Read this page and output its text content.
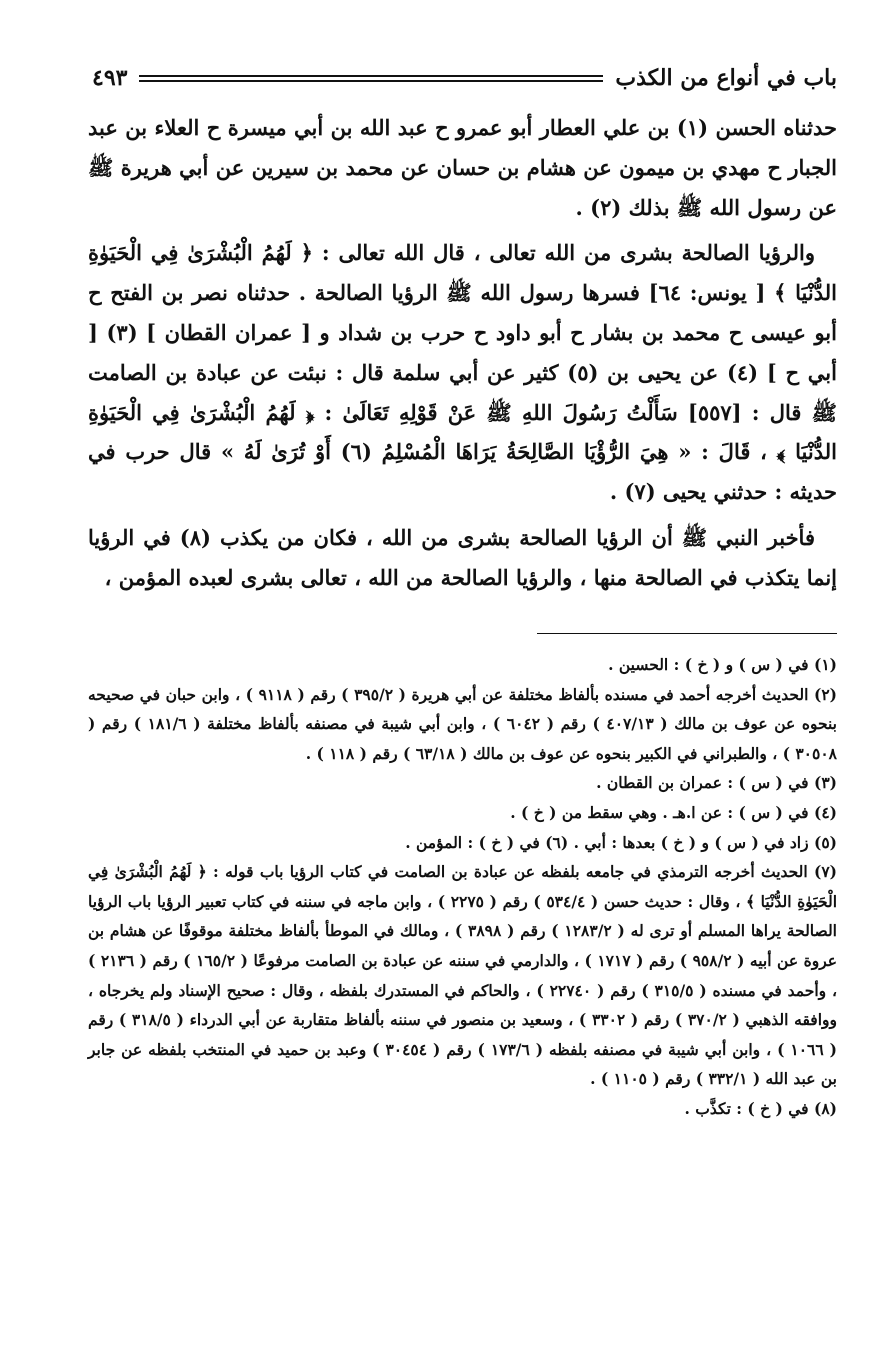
باب في أنواع من الكذب
٤٩٣

حدثناه الحسن (١) بن علي العطار أبو عمرو ح عبد الله بن أبي ميسرة ح العلاء بن عبد الجبار ح مهدي بن ميمون عن هشام بن حسان عن محمد بن سيرين عن أبي هريرة ﷺ عن رسول الله ﷺ بذلك (٢) .

والرؤيا الصالحة بشرى من الله تعالى ، قال الله تعالى : ﴿ لَهُمُ الْبُشْرَىٰ فِي الْحَيَوٰةِ الدُّنْيَا ﴾ [ يونس: ٦٤] فسرها رسول الله ﷺ الرؤيا الصالحة . حدثناه نصر بن الفتح ح أبو عيسى ح محمد بن بشار ح أبو داود ح حرب بن شداد و [ عمران القطان ] (٣) [ أبي ح ] (٤) عن يحيى بن (٥) كثير عن أبي سلمة قال : نبئت عن عبادة بن الصامت ﷺ قال : [٥٥٧] سَأَلْتُ رَسُولَ اللهِ ﷺ عَنْ قَوْلِهِ تَعَالَىٰ : ﴿ لَهُمُ الْبُشْرَىٰ فِي الْحَيَوٰةِ الدُّنْيَا ﴾ ، قَالَ : « هِيَ الرُّؤْيَا الصَّالِحَةُ يَرَاهَا الْمُسْلِمُ (٦) أَوْ تُرَىٰ لَهُ » قال حرب في حديثه : حدثني يحيى (٧) .

فأخبر النبي ﷺ أن الرؤيا الصالحة بشرى من الله ، فكان من يكذب (٨) في الرؤيا إنما يتكذب في الصالحة منها ، والرؤيا الصالحة من الله ، تعالى بشرى لعبده المؤمن ،

(١) في ( س ) و ( خ ) : الحسين .

(٢) الحديث أخرجه أحمد في مسنده بألفاظ مختلفة عن أبي هريرة ( ٣٩٥/٢ ) رقم ( ٩١١٨ ) ، وابن حبان في صحيحه بنحوه عن عوف بن مالك ( ٤٠٧/١٣ ) رقم ( ٦٠٤٢ ) ، وابن أبي شيبة في مصنفه بألفاظ مختلفة ( ١٨١/٦ ) رقم ( ٣٠٥٠٨ ) ، والطبراني في الكبير بنحوه عن عوف بن مالك ( ٦٣/١٨ ) رقم ( ١١٨ ) .

(٣) في ( س ) : عمران بن القطان .

(٤) في ( س ) : عن ا.هـ . وهي سقط من ( خ ) .

(٥) زاد في ( س ) و ( خ ) بعدها : أبي . (٦) في ( خ ) : المؤمن .

(٧) الحديث أخرجه الترمذي في جامعه بلفظه عن عبادة بن الصامت في كتاب الرؤيا باب قوله : ﴿ لَهُمُ الْبُشْرَىٰ فِي الْحَيَوٰةِ الدُّنْيَا ﴾ ، وقال : حديث حسن ( ٥٣٤/٤ ) رقم ( ٢٢٧٥ ) ، وابن ماجه في سننه في كتاب تعبير الرؤيا باب الرؤيا الصالحة يراها المسلم أو ترى له ( ١٢٨٣/٢ ) رقم ( ٣٨٩٨ ) ، ومالك في الموطأ بألفاظ مختلفة موقوفًا عن هشام بن عروة عن أبيه ( ٩٥٨/٢ ) رقم ( ١٧١٧ ) ، والدارمي في سننه عن عبادة بن الصامت مرفوعًا ( ١٦٥/٢ ) رقم ( ٢١٣٦ ) ، وأحمد في مسنده ( ٣١٥/٥ ) رقم ( ٢٢٧٤٠ ) ، والحاكم في المستدرك بلفظه ، وقال : صحيح الإسناد ولم يخرجاه ، ووافقه الذهبي ( ٣٧٠/٢ ) رقم ( ٣٣٠٢ ) ، وسعيد بن منصور في سننه بألفاظ متقاربة عن أبي الدرداء ( ٣١٨/٥ ) رقم ( ١٠٦٦ ) ، وابن أبي شيبة في مصنفه بلفظه ( ١٧٣/٦ ) رقم ( ٣٠٤٥٤ ) وعبد بن حميد في المنتخب بلفظه عن جابر بن عبد الله ( ٣٣٢/١ ) رقم ( ١١٠٥ ) .

(٨) في ( خ ) : تكذَّب .
